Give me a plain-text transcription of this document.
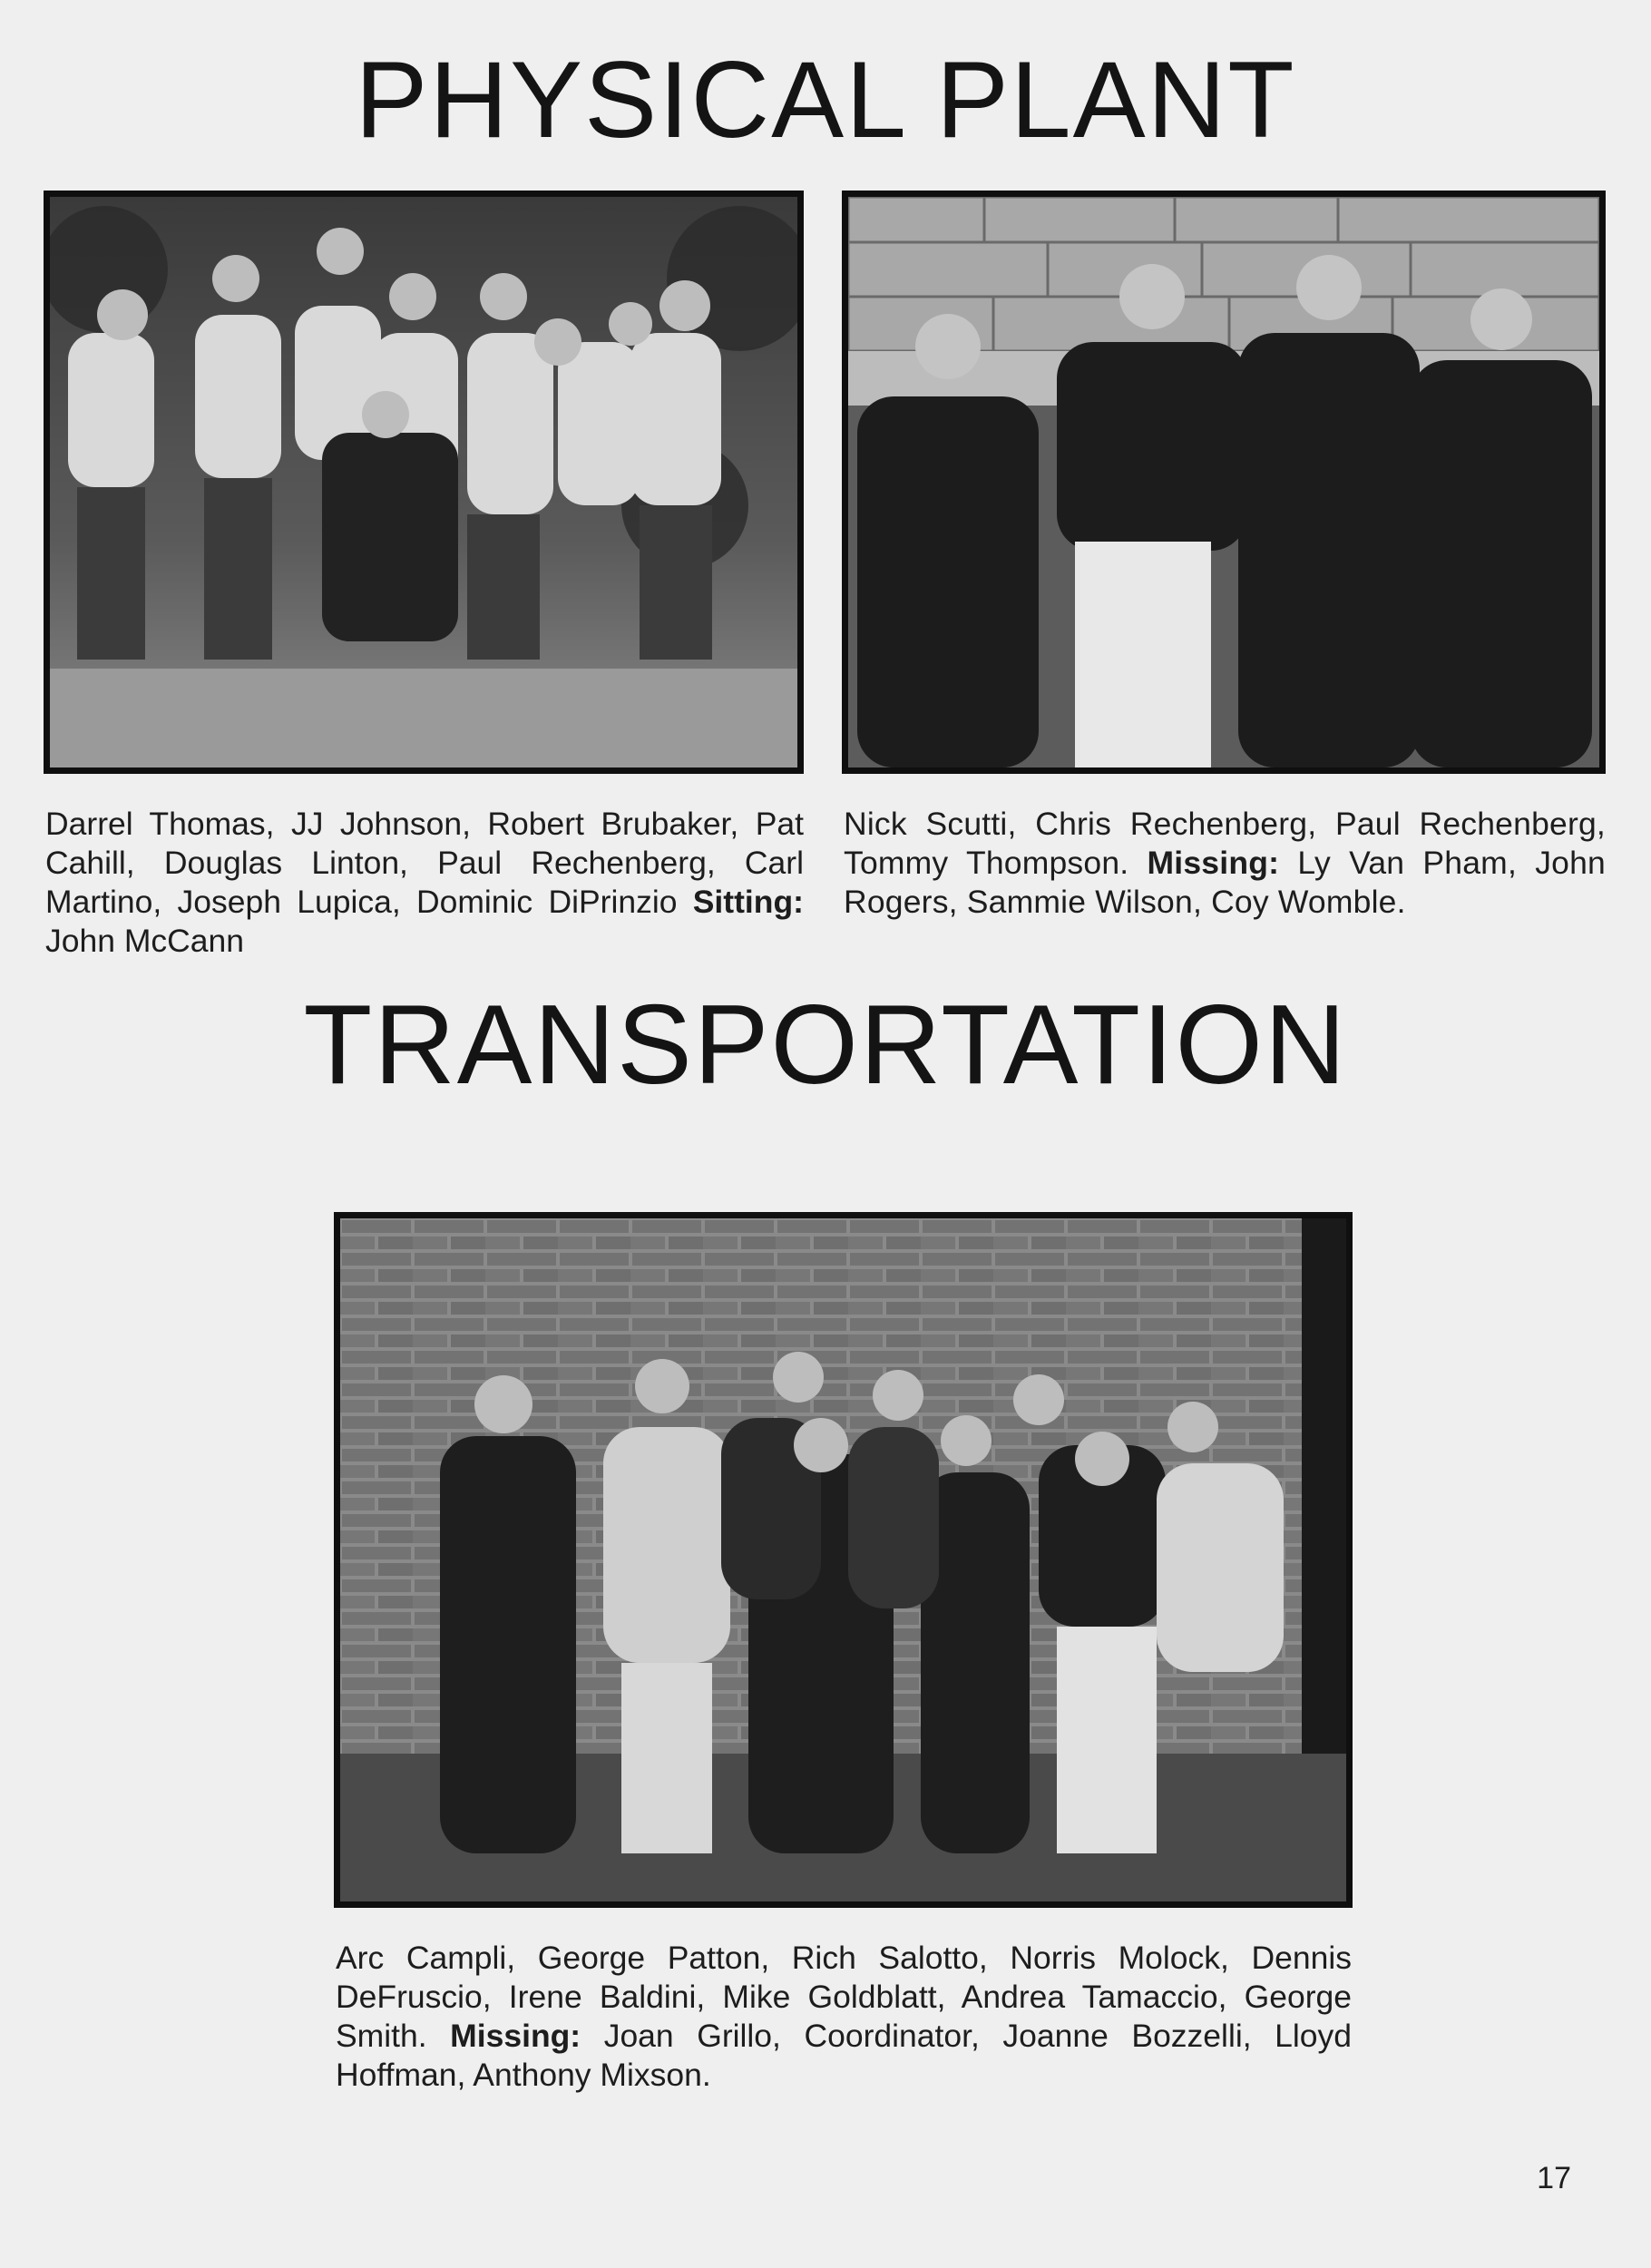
PHYSICAL PLANT

Darrel Thomas, JJ Johnson, Robert Brubaker, Pat Cahill, Douglas Linton, Paul Rechenberg, Carl Martino, Joseph Lupica, Dominic DiPrinzio Sitting: John McCann

Nick Scutti, Chris Rechenberg, Paul Rechenberg, Tommy Thompson. Missing: Ly Van Pham, John Rogers, Sammie Wilson, Coy Womble.

TRANSPORTATION

Arc Campli, George Patton, Rich Salotto, Norris Molock, Dennis DeFruscio, Irene Baldini, Mike Goldblatt, Andrea Tamaccio, George Smith. Missing: Joan Grillo, Coordinator, Joanne Bozzelli, Lloyd Hoffman, Anthony Mixson.

17
